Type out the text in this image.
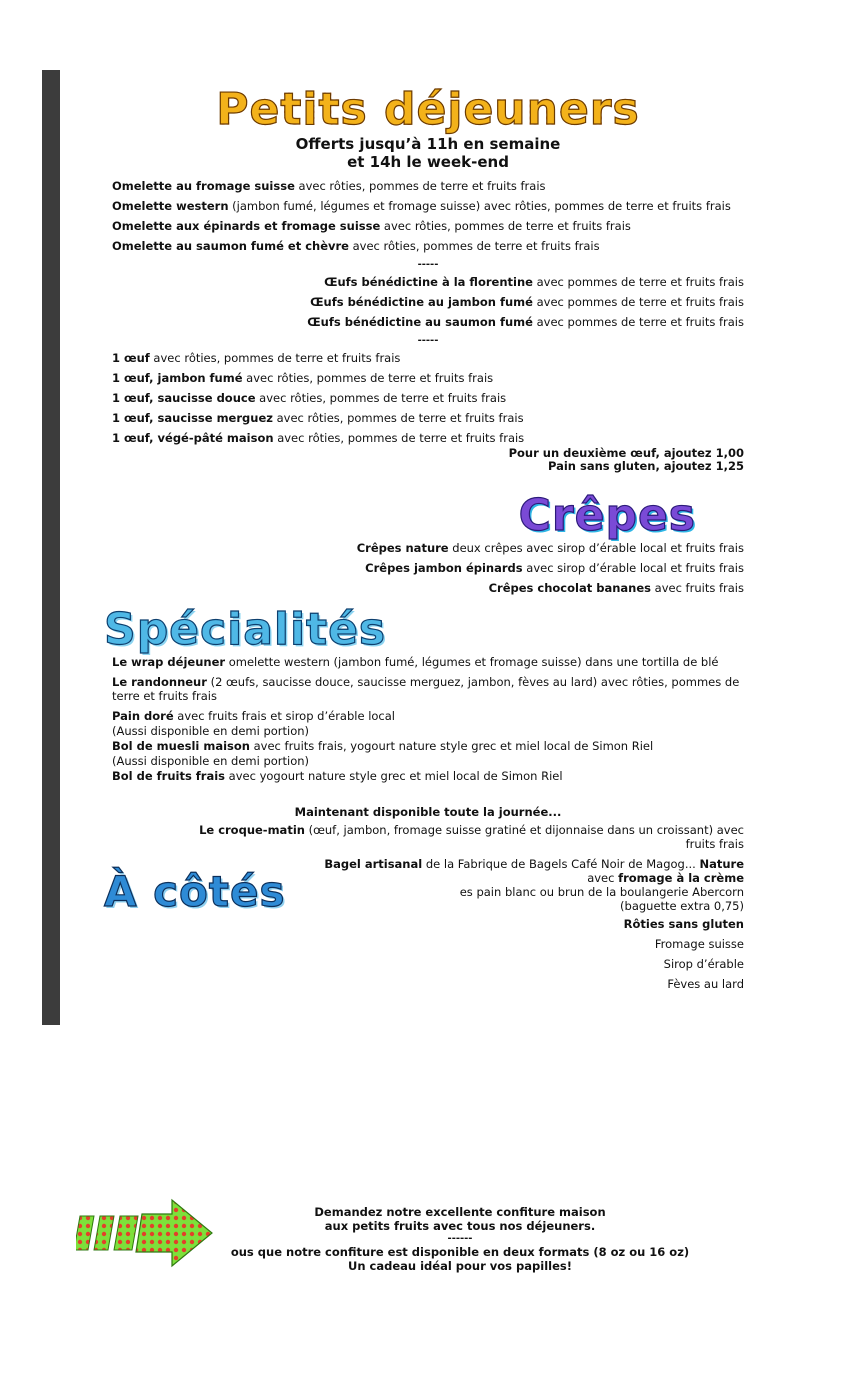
Petits déjeuners
Offerts jusqu’à 11h en semaine
et 14h le week-end
Omelette au fromage suisse avec rôties, pommes de terre et fruits frais
Omelette western (jambon fumé, légumes et fromage suisse) avec rôties, pommes de terre et fruits frais
Omelette aux épinards et fromage suisse avec rôties, pommes de terre et fruits frais
Omelette au saumon fumé et chèvre avec rôties, pommes de terre et fruits frais
-----
Œufs bénédictine à la florentine avec pommes de terre et fruits frais
Œufs bénédictine au jambon fumé avec pommes de terre et fruits frais
Œufs bénédictine au saumon fumé avec pommes de terre et fruits frais
-----
1 œuf avec rôties, pommes de terre et fruits frais
1 œuf, jambon fumé avec rôties, pommes de terre et fruits frais
1 œuf, saucisse douce avec rôties, pommes de terre et fruits frais
1 œuf, saucisse merguez avec rôties, pommes de terre et fruits frais
1 œuf, végé-pâté maison avec rôties, pommes de terre et fruits frais
Pour un deuxième œuf, ajoutez 1,00
Pain sans gluten, ajoutez 1,25
Crêpes
Crêpes nature deux crêpes avec sirop d’érable local et fruits frais
Crêpes jambon épinards avec sirop d’érable local et fruits frais
Crêpes chocolat bananes avec fruits frais
Spécialités
Le wrap déjeuner omelette western (jambon fumé, légumes et fromage suisse) dans une tortilla de blé
Le randonneur (2 œufs, saucisse douce, saucisse merguez, jambon, fèves au lard) avec rôties, pommes de terre et fruits frais
Pain doré avec fruits frais et sirop d’érable local
(Aussi disponible en demi portion)
Bol de muesli maison avec fruits frais, yogourt nature style grec et miel local de Simon Riel
(Aussi disponible en demi portion)
Bol de fruits frais avec yogourt nature style grec et miel local de Simon Riel
Maintenant disponible toute la journée...
Le croque-matin (œuf, jambon, fromage suisse gratiné et dijonnaise dans un croissant) avec fruits frais
Bagel artisanal de la Fabrique de Bagels Café Noir de Magog... Nature
avec fromage à la crème
es pain blanc ou brun de la boulangerie Abercorn
(baguette extra 0,75)
Rôties sans gluten
Fromage suisse
Sirop d’érable
Fèves au lard
À côtés
Demandez notre excellente confiture maison
aux petits fruits avec tous nos déjeuners.
------
ous que notre confiture est disponible en deux formats (8 oz ou 16 oz)
Un cadeau idéal pour vos papilles!
